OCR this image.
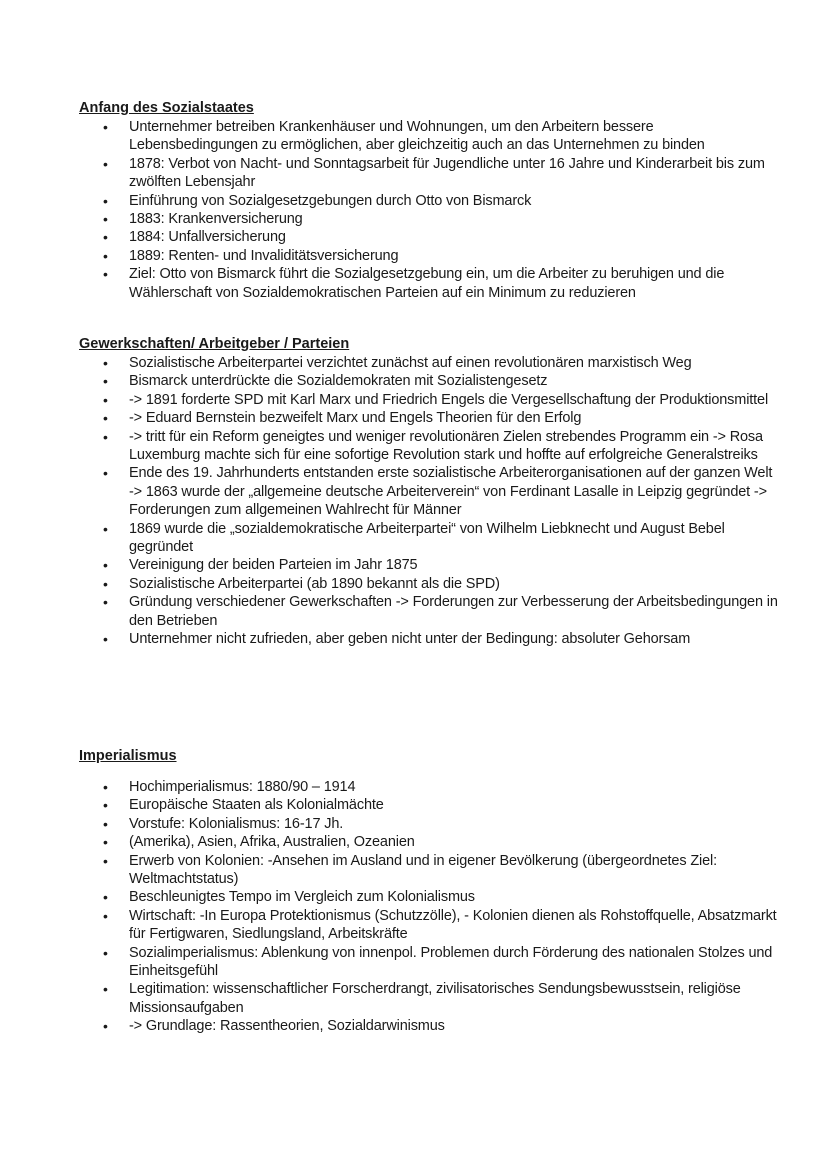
Anfang des Sozialstaates
• Unternehmer betreiben Krankenhäuser und Wohnungen, um den Arbeitern bessere Lebensbedingungen zu ermöglichen, aber gleichzeitig auch an das Unternehmen zu binden
• 1878: Verbot von Nacht- und Sonntagsarbeit für Jugendliche unter 16 Jahre und Kinderarbeit bis zum zwölften Lebensjahr
• Einführung von Sozialgesetzgebungen durch Otto von Bismarck
• 1883: Krankenversicherung
• 1884: Unfallversicherung
• 1889: Renten- und Invaliditätsversicherung
• Ziel: Otto von Bismarck führt die Sozialgesetzgebung ein, um die Arbeiter zu beruhigen und die Wählerschaft von Sozialdemokratischen Parteien auf ein Minimum zu reduzieren
Gewerkschaften/ Arbeitgeber / Parteien
• Sozialistische Arbeiterpartei verzichtet zunächst auf einen revolutionären marxistisch Weg
• Bismarck unterdrückte die Sozialdemokraten mit Sozialistengesetz
• -> 1891 forderte SPD mit Karl Marx und Friedrich Engels die Vergesellschaftung der Produktionsmittel
• -> Eduard Bernstein bezweifelt Marx und Engels Theorien für den Erfolg
• -> tritt für ein Reform geneigtes und weniger revolutionären Zielen strebendes Programm ein -> Rosa Luxemburg machte sich für eine sofortige Revolution stark und hoffte auf erfolgreiche Generalstreiks
• Ende des 19. Jahrhunderts entstanden erste sozialistische Arbeiterorganisationen auf der ganzen Welt -> 1863 wurde der „allgemeine deutsche Arbeiterverein“ von Ferdinant Lasalle in Leipzig gegründet -> Forderungen zum allgemeinen Wahlrecht für Männer
• 1869 wurde die „sozialdemokratische Arbeiterpartei“ von Wilhelm Liebknecht und August Bebel gegründet
• Vereinigung der beiden Parteien im Jahr 1875
• Sozialistische Arbeiterpartei (ab 1890 bekannt als die SPD)
• Gründung verschiedener Gewerkschaften -> Forderungen zur Verbesserung der Arbeitsbedingungen in den Betrieben
• Unternehmer nicht zufrieden, aber geben nicht unter der Bedingung: absoluter Gehorsam
Imperialismus
• Hochimperialismus: 1880/90 – 1914
• Europäische Staaten als Kolonialmächte
• Vorstufe: Kolonialismus: 16-17 Jh.
• (Amerika), Asien, Afrika, Australien, Ozeanien
• Erwerb von Kolonien: -Ansehen im Ausland und in eigener Bevölkerung (übergeordnetes Ziel: Weltmachtstatus)
• Beschleunigtes Tempo im Vergleich zum Kolonialismus
• Wirtschaft: -In Europa Protektionismus (Schutzzölle), - Kolonien dienen als Rohstoffquelle, Absatzmarkt für Fertigwaren, Siedlungsland, Arbeitskräfte
• Sozialimperialismus: Ablenkung von innenpol. Problemen durch Förderung des nationalen Stolzes und Einheitsgefühl
• Legitimation: wissenschaftlicher Forscherdrangt, zivilisatorisches Sendungsbewusstsein, religiöse Missionsaufgaben
• -> Grundlage: Rassentheorien, Sozialdarwinismus
